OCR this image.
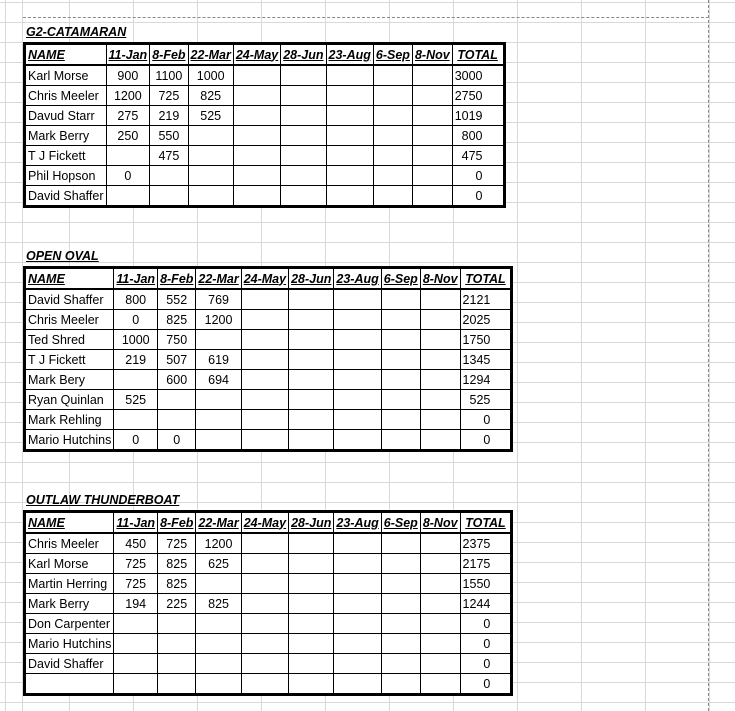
G2-CATAMARAN
NAME	11-Jan	8-Feb	22-Mar	24-May	28-Jun	23-Aug	6-Sep	8-Nov	TOTAL
Karl Morse	900	1100	1000						3000
Chris Meeler	1200	725	825						2750
Davud Starr	275	219	525						1019
Mark Berry	250	550							800
T J Fickett		475							475
Phil Hopson	0								0
David Shaffer									0
OPEN OVAL
NAME	11-Jan	8-Feb	22-Mar	24-May	28-Jun	23-Aug	6-Sep	8-Nov	TOTAL
David Shaffer	800	552	769						2121
Chris Meeler	0	825	1200						2025
Ted Shred	1000	750							1750
T J Fickett	219	507	619						1345
Mark Bery		600	694						1294
Ryan Quinlan	525								525
Mark Rehling									0
Mario Hutchins	0	0							0
OUTLAW THUNDERBOAT
NAME	11-Jan	8-Feb	22-Mar	24-May	28-Jun	23-Aug	6-Sep	8-Nov	TOTAL
Chris Meeler	450	725	1200						2375
Karl Morse	725	825	625						2175
Martin Herring	725	825							1550
Mark Berry	194	225	825						1244
Don Carpenter									0
Mario Hutchins									0
David Shaffer									0
									0
